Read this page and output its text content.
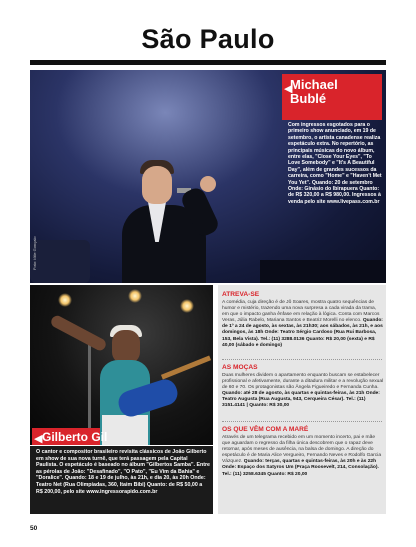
São Paulo
Foto: Iôlle Gonçalo
◀
Michael
Bublé
Com ingressos esgotados para o primeiro show anunciado, em 19 de setembro, o artista canadense realiza espetáculo extra. No repertório, as principais músicas do novo álbum, entre elas, "Close Your Eyes", "To Love Somebody" e "It's A Beautiful Day", além de grandes sucessos da carreira, como "Home" e "Haven't Met You Yet". Quando: 20 de setembro Onde: Ginásio do Ibirapuera Quanto: de R$ 320,00 a R$ 980,00. Ingressos à venda pelo site www.livepass.com.br
◀ Gilberto Gil
O cantor e compositor brasileiro revisita clássicos de João Gilberto em show de sua nova turnê, que terá passagem pela Capital Paulista. O espetáculo é baseado no álbum "Gilbertos Samba". Entre as pérolas de João: "Desafinado", "O Pato", "Eu Vim da Bahia" e "Doralice". Quando: 18 e 19 de julho, às 21h, e dia 20, às 20h Onde: Teatro Net (Rua Olimpíadas, 360, Itaim Bibi) Quanto: de R$ 50,00 a R$ 200,00, pelo site www.ingressorapido.com.br
ATREVA-SE
A comédia, cuja direção é de Jô Soares, mostra quatro sequências de humor e mistério, trazendo uma nova surpresa a cada virada da trama, em que o impacto ganha ênfase em relação à lógica. Conta com Marcos Veras, Júlia Rabelo, Mariana Santos e Beatriz Morelli no elenco. Quando: de 1º a 24 de agosto, às sextas, às 21h30; aos sábados, às 21h, e aos domingos, às 18h Onde: Teatro Sérgio Cardoso (Rua Rui Barbosa, 153, Bela Vista). Tel.: (11) 3288.0136 Quanto: R$ 20,00 (sexta) e R$ 40,00 (sábado e domingo)
AS MOÇAS
Duas mulheres dividem o apartamento enquanto buscam se estabelecer profissional e afetivamente, durante a ditadura militar e a revolução sexual de 60 e 70. Os protagonistas são Ângela Figueiredo e Fernanda Cunha. Quando: até 28 de agosto, às quartas e quintas-feiras, às 21h Onde: Teatro Augusta (Rua Augusta, 943, Cerqueira César). Tel.: (11) 3151.4141 | Quanto: R$ 30,00
OS QUE VÊM COM A MARÉ
Através de um telegrama recebido em um momento incerto, pai e mãe que aguardam o regresso da filha única descobrem que o rapaz deve retornar, após meses de ausência, na balsa de domingo. A direção do espetáculo é de Maria Alice Vergueiro, Fernando Neves e Rodolfo Garcia Vázquez. Quando: terças, quartas e quintas-feiras, às 20h e às 22h Onde: Espaço dos Satyros Um (Praça Roosevelt, 214, Consolação). Tel.: (11) 3258.6345 Quanto: R$ 20,00
50
